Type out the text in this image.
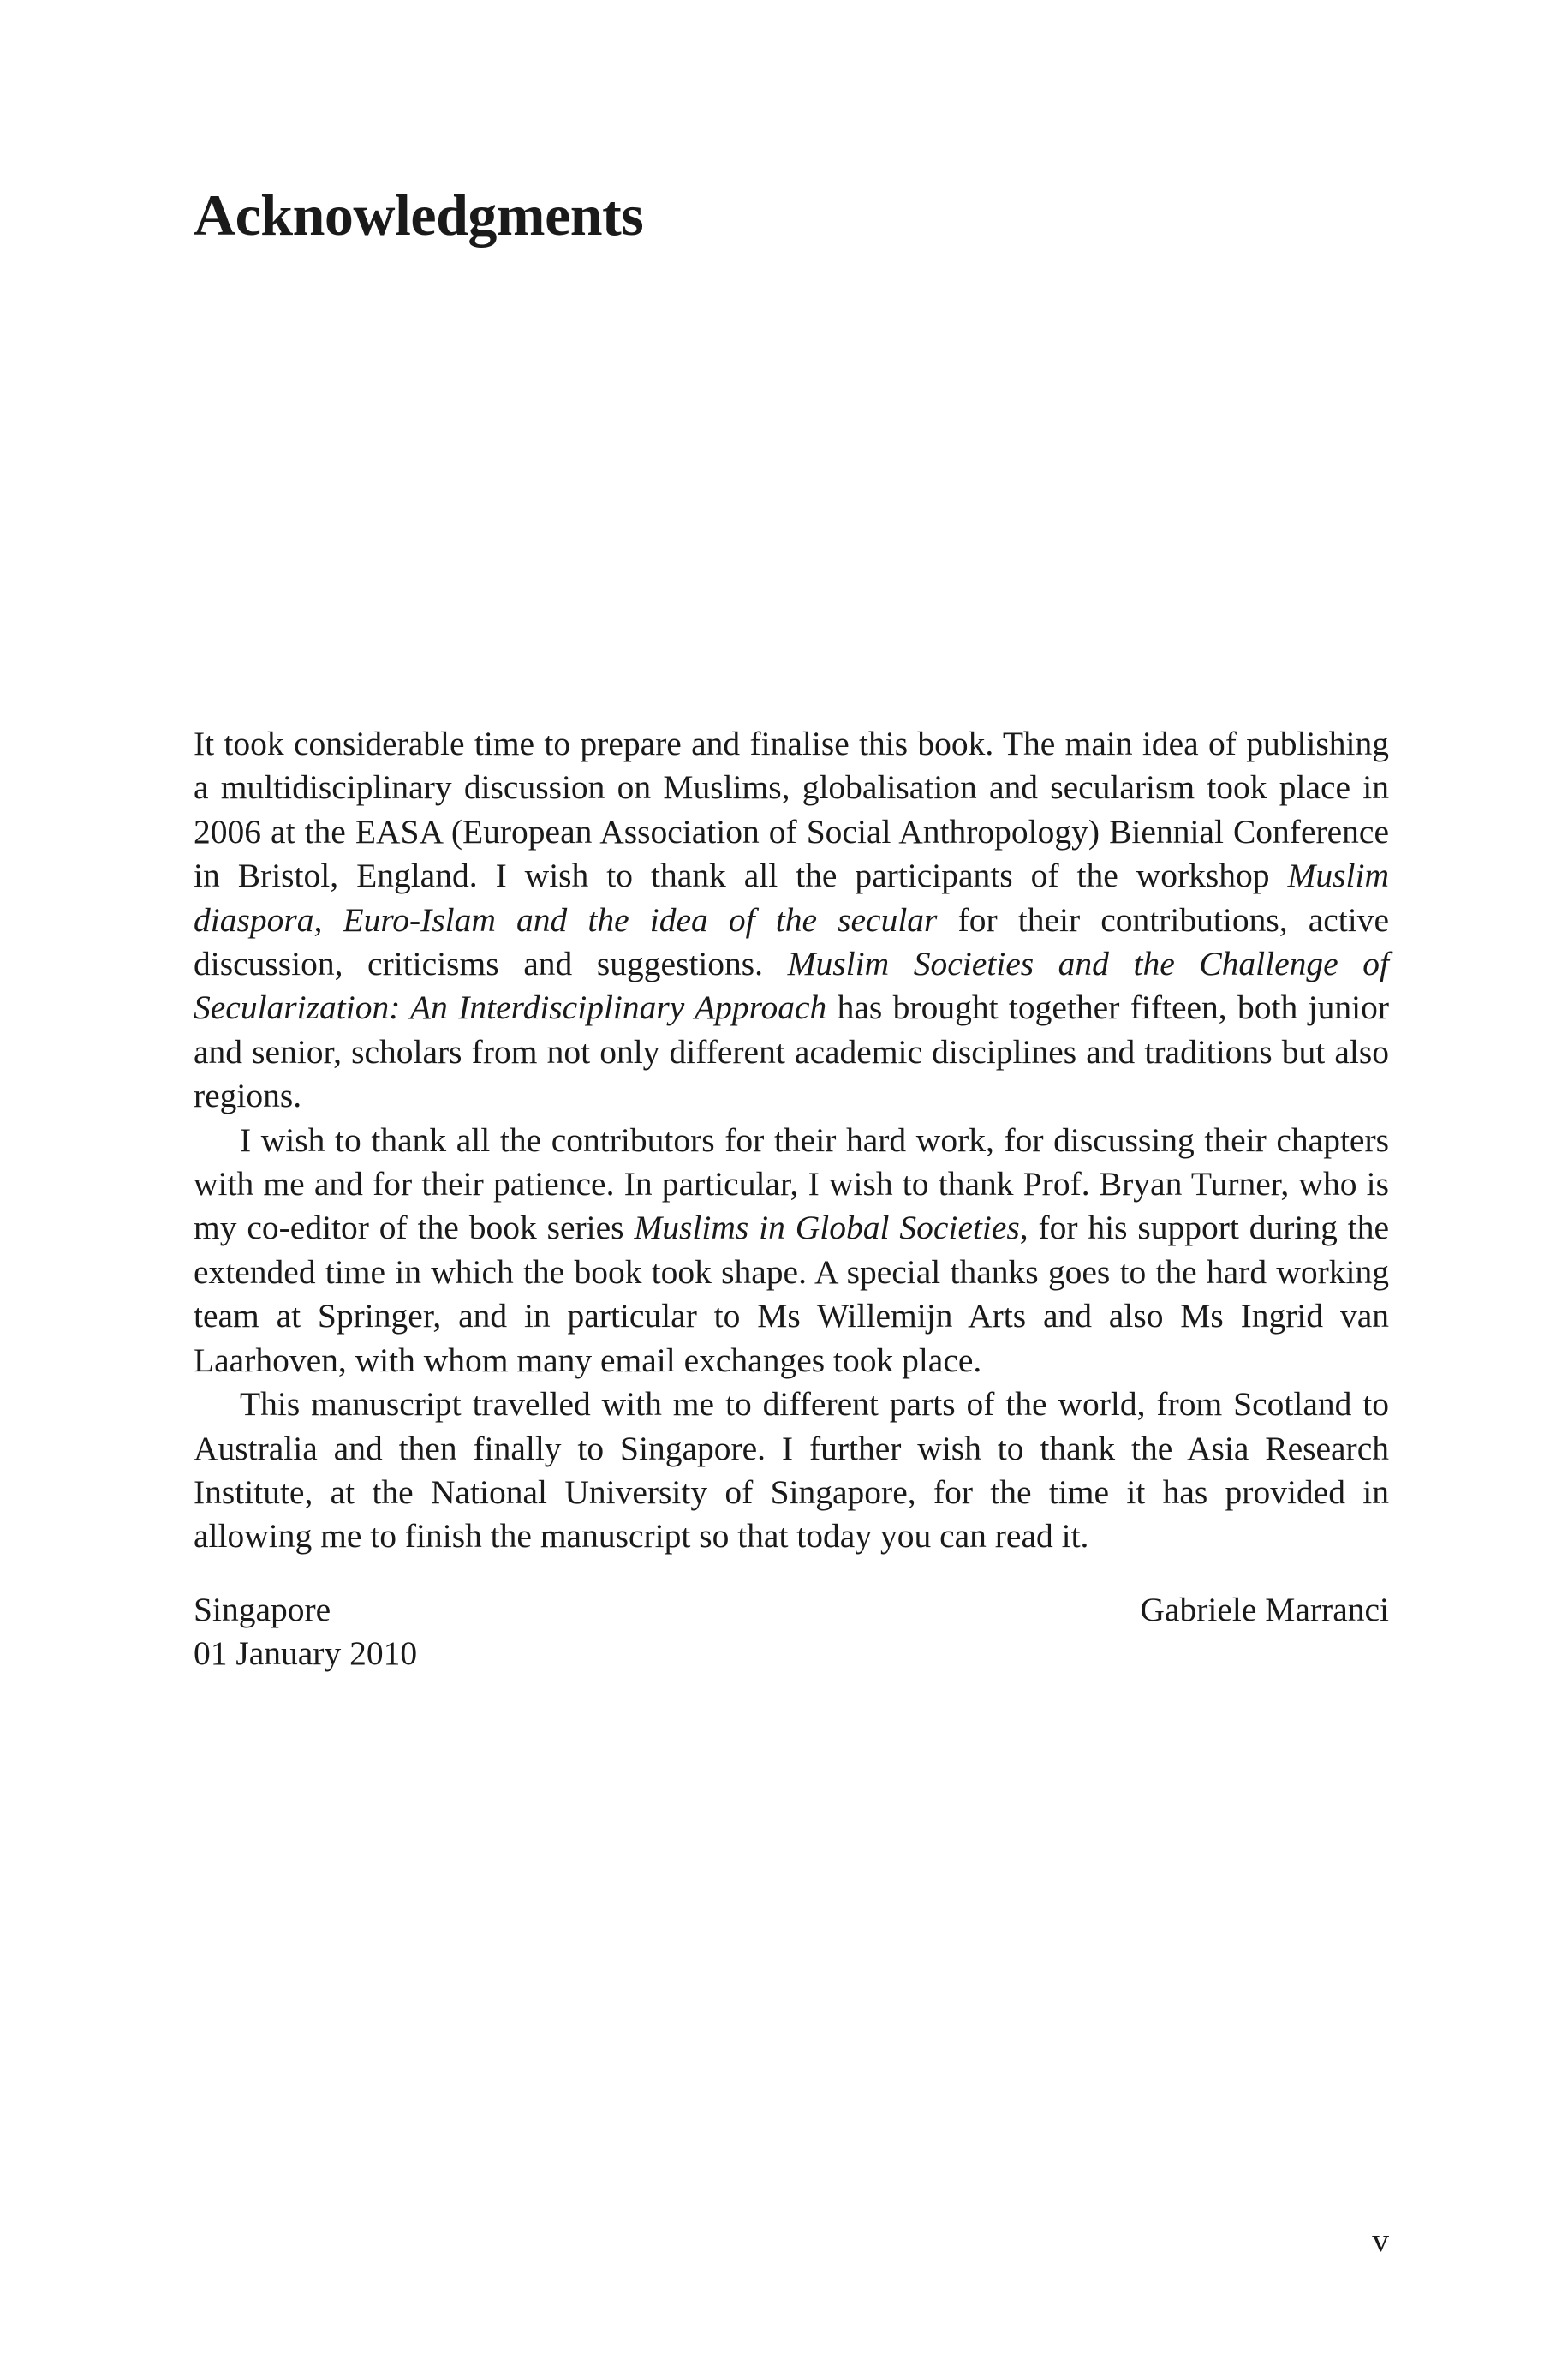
Acknowledgments

It took considerable time to prepare and finalise this book. The main idea of publishing a multidisciplinary discussion on Muslims, globalisation and secularism took place in 2006 at the EASA (European Association of Social Anthropology) Biennial Conference in Bristol, England. I wish to thank all the participants of the workshop Muslim diaspora, Euro-Islam and the idea of the secular for their contributions, active discussion, criticisms and suggestions. Muslim Societies and the Challenge of Secularization: An Interdisciplinary Approach has brought together fifteen, both junior and senior, scholars from not only different academic disciplines and traditions but also regions.

I wish to thank all the contributors for their hard work, for discussing their chapters with me and for their patience. In particular, I wish to thank Prof. Bryan Turner, who is my co-editor of the book series Muslims in Global Societies, for his support during the extended time in which the book took shape. A special thanks goes to the hard working team at Springer, and in particular to Ms Willemijn Arts and also Ms Ingrid van Laarhoven, with whom many email exchanges took place.

This manuscript travelled with me to different parts of the world, from Scotland to Australia and then finally to Singapore. I further wish to thank the Asia Research Institute, at the National University of Singapore, for the time it has provided in allowing me to finish the manuscript so that today you can read it.

Singapore
01 January 2010
Gabriele Marranci
v
